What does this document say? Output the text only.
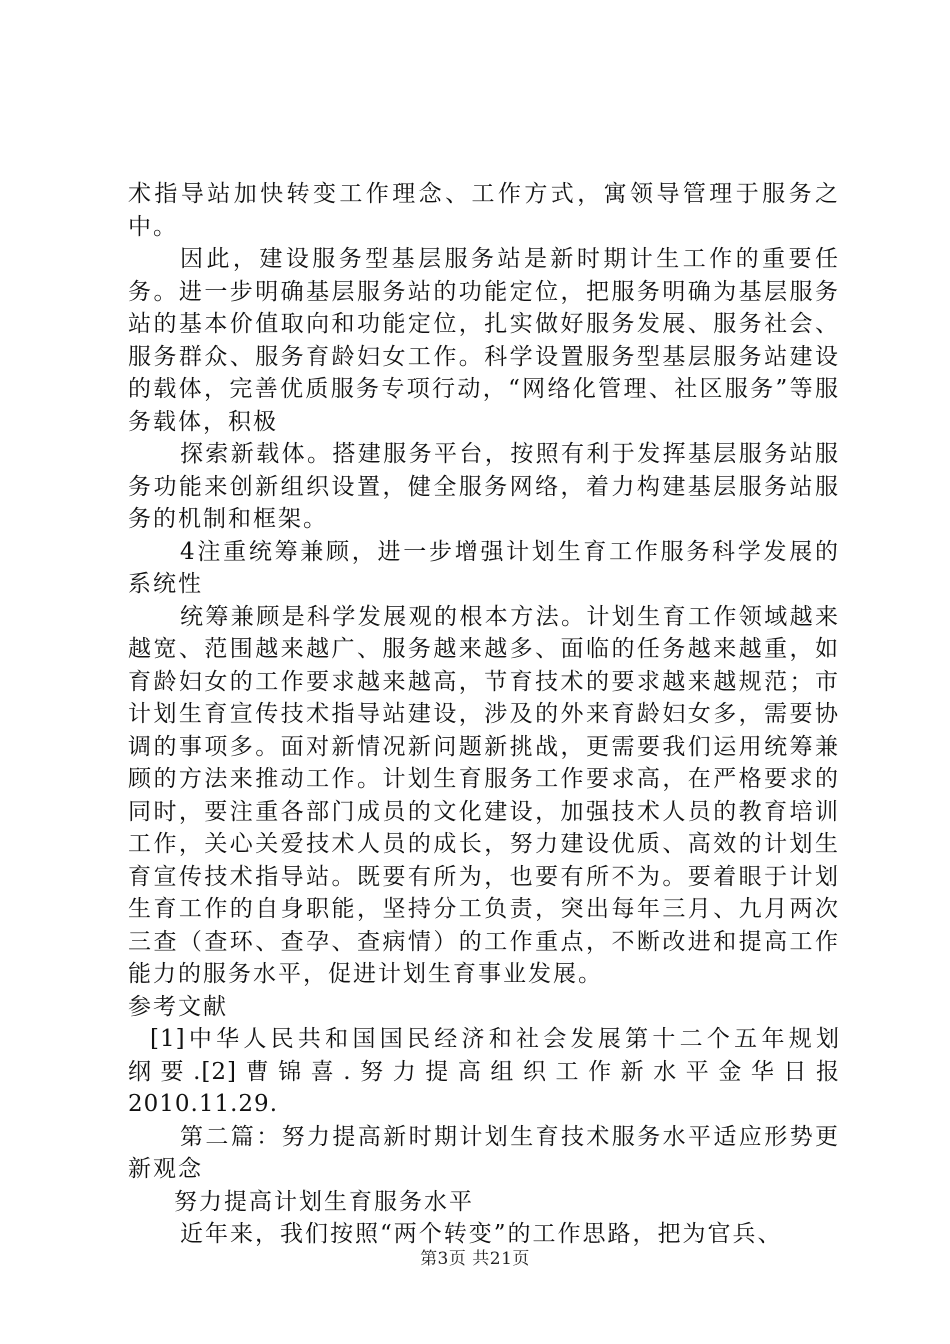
术指导站加快转变工作理念、工作方式，寓领导管理于服务之中。

因此，建设服务型基层服务站是新时期计生工作的重要任务。进一步明确基层服务站的功能定位，把服务明确为基层服务站的基本价值取向和功能定位，扎实做好服务发展、服务社会、服务群众、服务育龄妇女工作。科学设置服务型基层服务站建设的载体，完善优质服务专项行动，“网络化管理、社区服务”等服务载体，积极

探索新载体。搭建服务平台，按照有利于发挥基层服务站服务功能来创新组织设置，健全服务网络，着力构建基层服务站服务的机制和框架。

4注重统筹兼顾，进一步增强计划生育工作服务科学发展的系统性

统筹兼顾是科学发展观的根本方法。计划生育工作领域越来越宽、范围越来越广、服务越来越多、面临的任务越来越重，如育龄妇女的工作要求越来越高，节育技术的要求越来越规范；市计划生育宣传技术指导站建设，涉及的外来育龄妇女多，需要协调的事项多。面对新情况新问题新挑战，更需要我们运用统筹兼顾的方法来推动工作。计划生育服务工作要求高，在严格要求的同时，要注重各部门成员的文化建设，加强技术人员的教育培训工作，关心关爱技术人员的成长，努力建设优质、高效的计划生育宣传技术指导站。既要有所为，也要有所不为。要着眼于计划生育工作的自身职能，坚持分工负责，突出每年三月、九月两次三查（查环、查孕、查病情）的工作重点，不断改进和提高工作能力的服务水平，促进计划生育事业发展。

参考文献

[1]中华人民共和国国民经济和社会发展第十二个五年规划
纲要.[2]曹锦喜.努力提高组织工作新水平金华日报
2010.11.29.

第二篇：努力提高新时期计划生育技术服务水平适应形势更新观念

努力提高计划生育服务水平

近年来，我们按照“两个转变”的工作思路，把为官兵、

第3页 共21页
